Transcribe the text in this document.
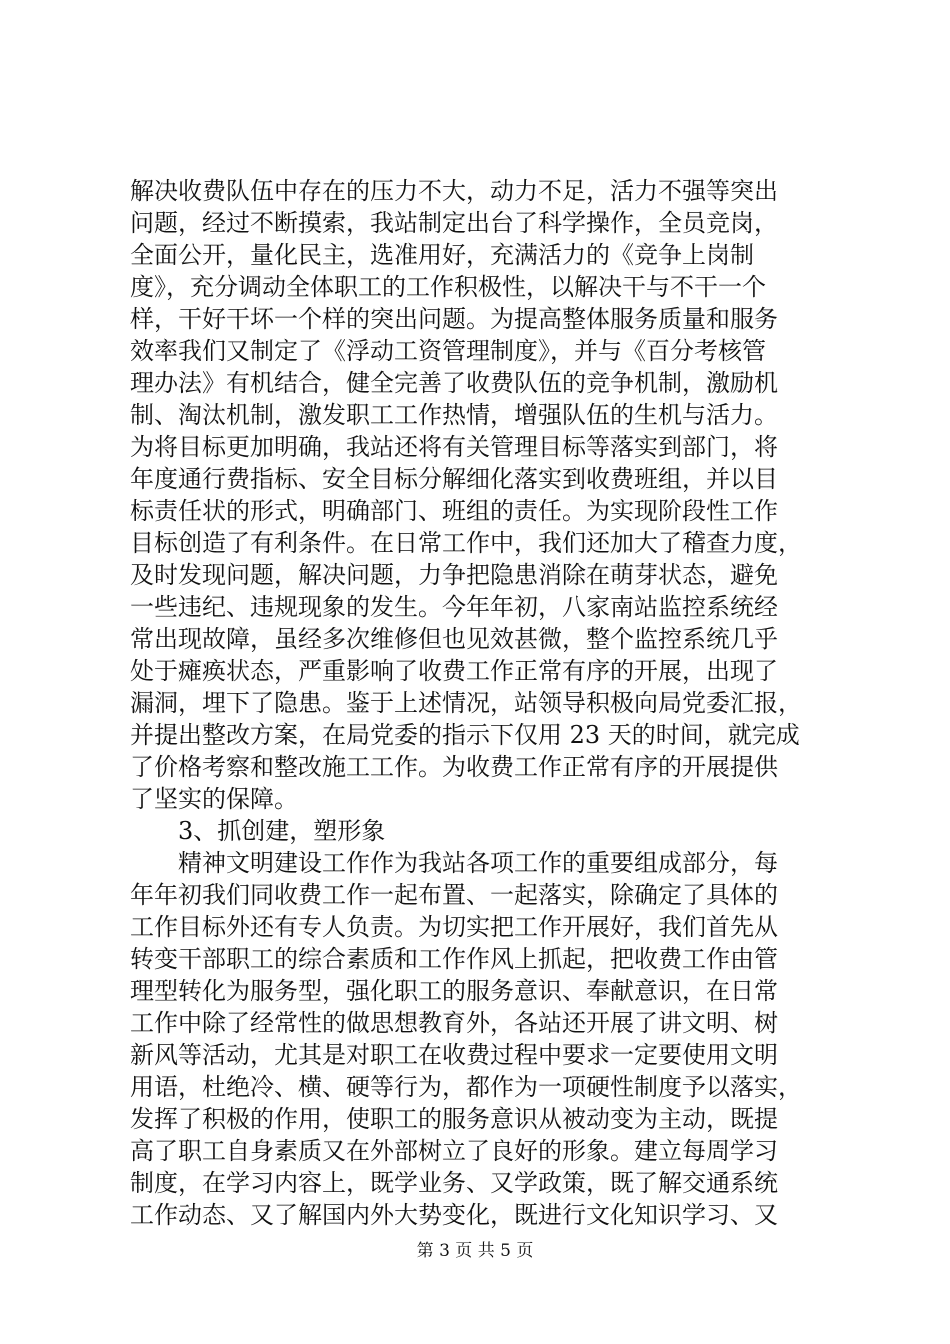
解决收费队伍中存在的压力不大，动力不足，活力不强等突出
问题，经过不断摸索，我站制定出台了科学操作，全员竞岗，
全面公开，量化民主，选准用好，充满活力的《竞争上岗制
度》，充分调动全体职工的工作积极性，以解决干与不干一个
样，干好干坏一个样的突出问题。为提高整体服务质量和服务
效率我们又制定了《浮动工资管理制度》，并与《百分考核管
理办法》有机结合，健全完善了收费队伍的竞争机制，激励机
制、淘汰机制，激发职工工作热情，增强队伍的生机与活力。
为将目标更加明确，我站还将有关管理目标等落实到部门，将
年度通行费指标、安全目标分解细化落实到收费班组，并以目
标责任状的形式，明确部门、班组的责任。为实现阶段性工作
目标创造了有利条件。在日常工作中，我们还加大了稽查力度，
及时发现问题，解决问题，力争把隐患消除在萌芽状态，避免
一些违纪、违规现象的发生。今年年初，八家南站监控系统经
常出现故障，虽经多次维修但也见效甚微，整个监控系统几乎
处于瘫痪状态，严重影响了收费工作正常有序的开展，出现了
漏洞，埋下了隐患。鉴于上述情况，站领导积极向局党委汇报，
并提出整改方案，在局党委的指示下仅用 23 天的时间，就完成
了价格考察和整改施工工作。为收费工作正常有序的开展提供
了坚实的保障。
　　3、抓创建，塑形象
　　精神文明建设工作作为我站各项工作的重要组成部分，每
年年初我们同收费工作一起布置、一起落实，除确定了具体的
工作目标外还有专人负责。为切实把工作开展好，我们首先从
转变干部职工的综合素质和工作作风上抓起，把收费工作由管
理型转化为服务型，强化职工的服务意识、奉献意识，在日常
工作中除了经常性的做思想教育外，各站还开展了讲文明、树
新风等活动，尤其是对职工在收费过程中要求一定要使用文明
用语，杜绝冷、横、硬等行为，都作为一项硬性制度予以落实，
发挥了积极的作用，使职工的服务意识从被动变为主动，既提
高了职工自身素质又在外部树立了良好的形象。建立每周学习
制度，在学习内容上，既学业务、又学政策，既了解交通系统
工作动态、又了解国内外大势变化，既进行文化知识学习、又
第 3 页 共 5 页
